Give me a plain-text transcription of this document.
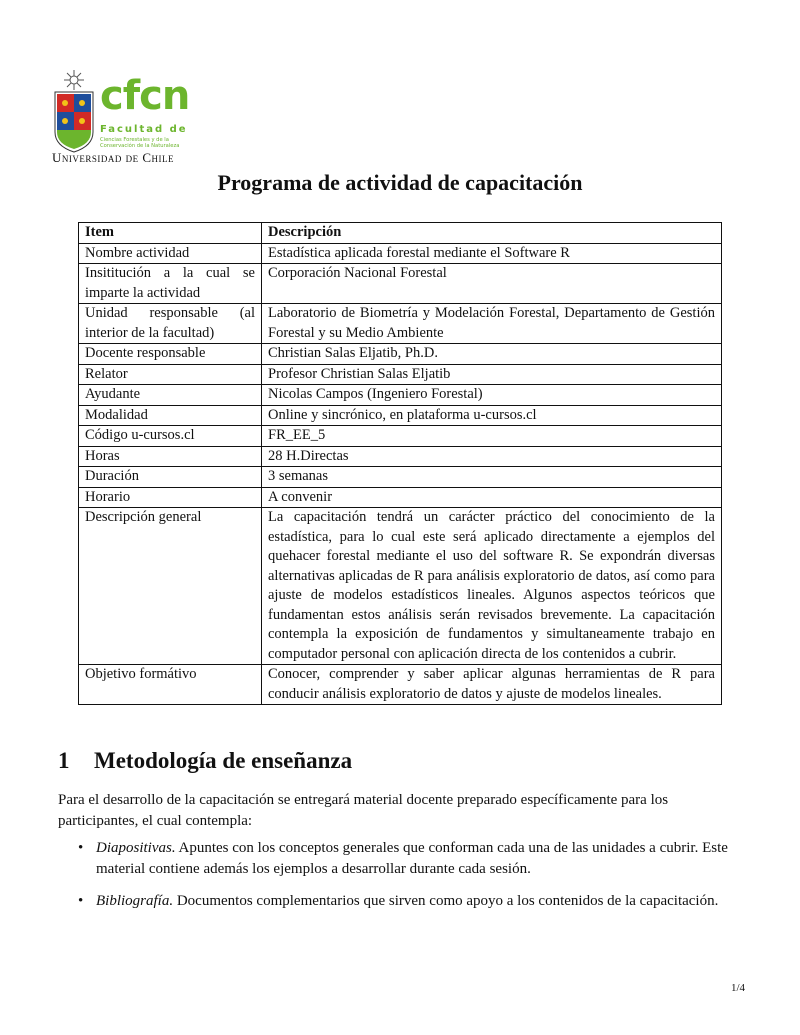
cfcn
Facultad de
Ciencias Forestales y de la
Conservación de la Naturaleza
Universidad de Chile
Programa de actividad de capacitación
Item	Descripción
Nombre actividad	Estadística aplicada forestal mediante el Software R
Insititución a la cual se imparte la actividad	Corporación Nacional Forestal
Unidad responsable (al interior de la facultad)	Laboratorio de Biometría y Modelación Forestal, Departamento de Gestión Forestal y su Medio Ambiente
Docente responsable	Christian Salas Eljatib, Ph.D.
Relator	Profesor Christian Salas Eljatib
Ayudante	Nicolas Campos (Ingeniero Forestal)
Modalidad	Online y sincrónico, en plataforma u-cursos.cl
Código u-cursos.cl	FR_EE_5
Horas	28 H.Directas
Duración	3 semanas
Horario	A convenir
Descripción general	La capacitación tendrá un carácter práctico del conocimiento de la estadística, para lo cual este será aplicado directamente a ejemplos del quehacer forestal mediante el uso del software R. Se expondrán diversas alternativas aplicadas de R para análisis exploratorio de datos, así como para ajuste de modelos estadísticos lineales. Algunos aspectos teóricos que fundamentan estos análisis serán revisados brevemente. La capacitación contempla la exposición de fundamentos y simultaneamente trabajo en computador personal con aplicación directa de los contenidos a cubrir.
Objetivo formátivo	Conocer, comprender y saber aplicar algunas herramientas de R para conducir análisis exploratorio de datos y ajuste de modelos lineales.
1 Metodología de enseñanza

Para el desarrollo de la capacitación se entregará material docente preparado específicamente para los participantes, el cual contempla:

• Diapositivas. Apuntes con los conceptos generales que conforman cada una de las unidades a cubrir. Este material contiene además los ejemplos a desarrollar durante cada sesión.
• Bibliografía. Documentos complementarios que sirven como apoyo a los contenidos de la capacitación.
1/4
